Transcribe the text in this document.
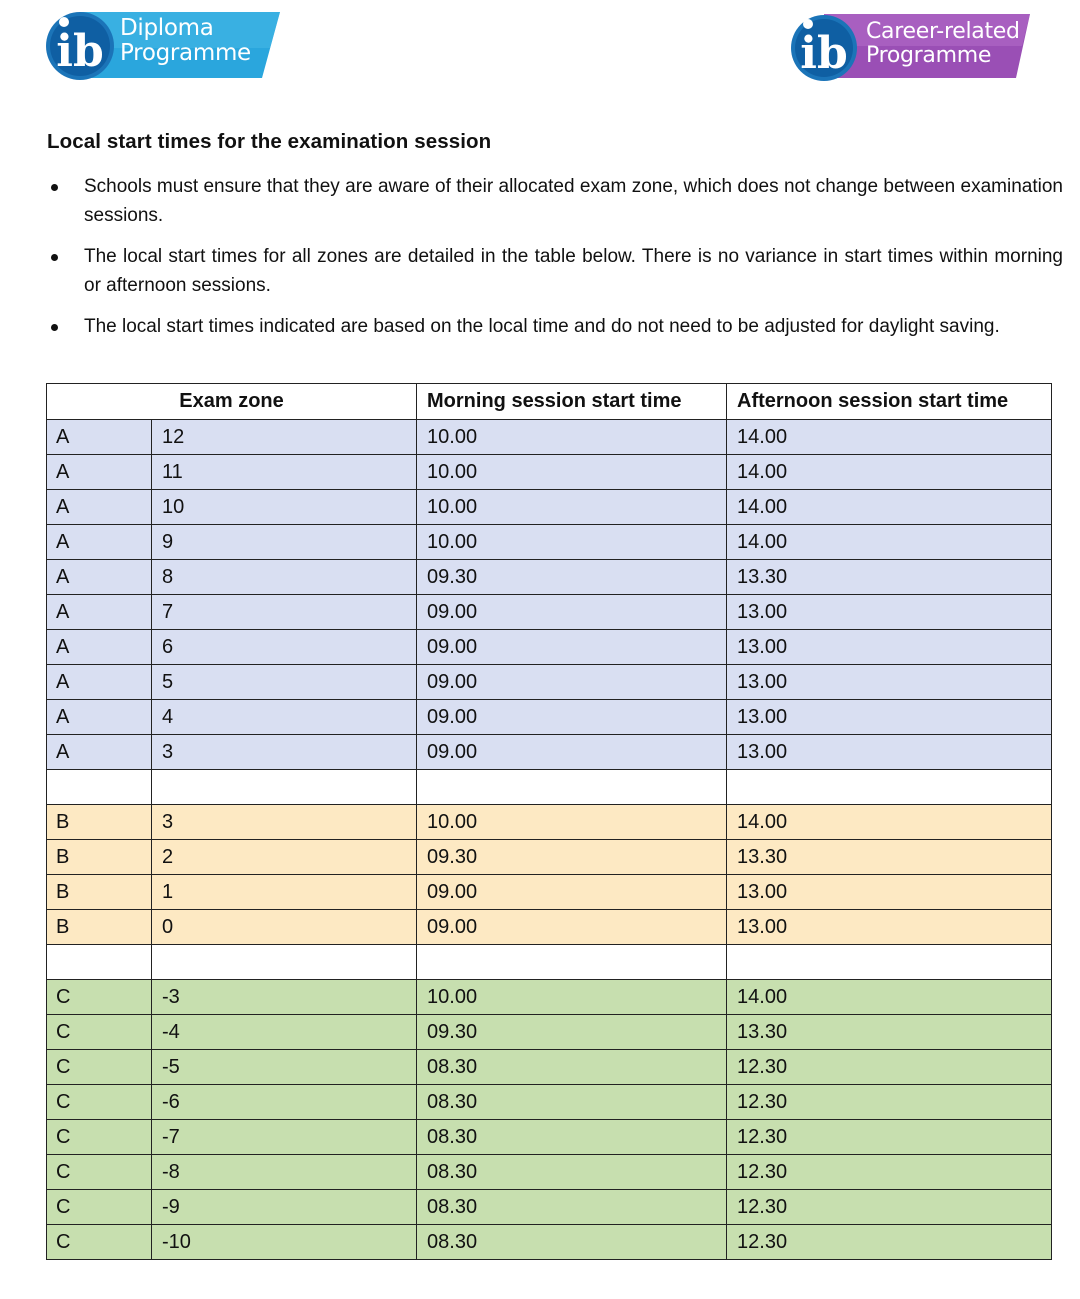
ib Diploma
Programme	ib Career-related
Programme
Local start times for the examination session
Schools must ensure that they are aware of their allocated exam zone, which does not change between examination sessions.
The local start times for all zones are detailed in the table below. There is no variance in start times within morning or afternoon sessions.
The local start times indicated are based on the local time and do not need to be adjusted for daylight saving.
Exam zone		Morning session start time	Afternoon session start time
A	12	10.00	14.00
A	11	10.00	14.00
A	10	10.00	14.00
A	9	10.00	14.00
A	8	09.30	13.30
A	7	09.00	13.00
A	6	09.00	13.00
A	5	09.00	13.00
A	4	09.00	13.00
A	3	09.00	13.00

B	3	10.00	14.00
B	2	09.30	13.30
B	1	09.00	13.00
B	0	09.00	13.00

C	-3	10.00	14.00
C	-4	09.30	13.30
C	-5	08.30	12.30
C	-6	08.30	12.30
C	-7	08.30	12.30
C	-8	08.30	12.30
C	-9	08.30	12.30
C	-10	08.30	12.30
